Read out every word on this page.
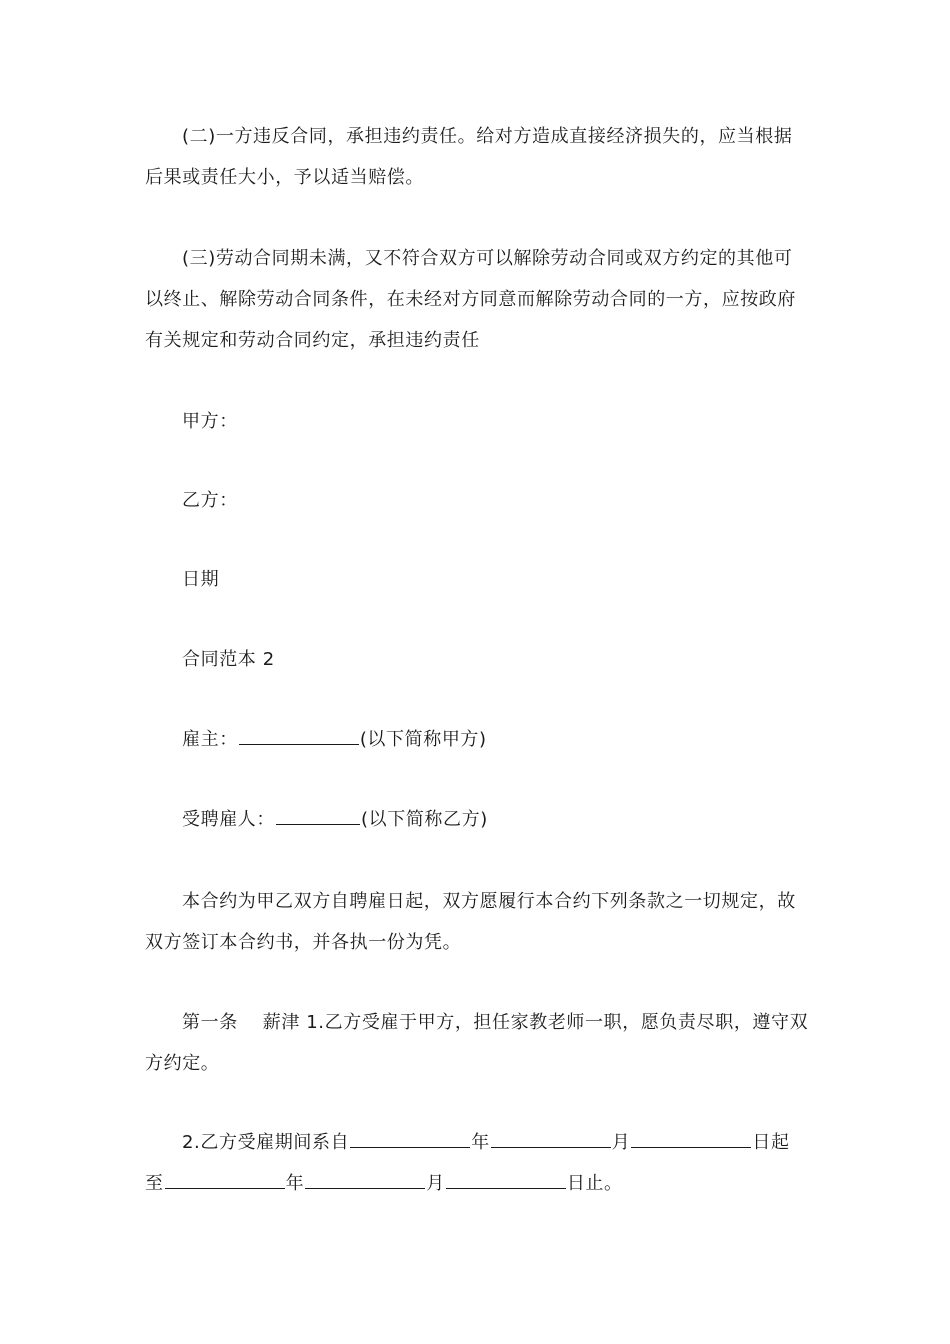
(二)一方违反合同，承担违约责任。给对方造成直接经济损失的，应当根据后果或责任大小，予以适当赔偿。
(三)劳动合同期未满，又不符合双方可以解除劳动合同或双方约定的其他可以终止、解除劳动合同条件，在未经对方同意而解除劳动合同的一方，应按政府有关规定和劳动合同约定，承担违约责任
甲方：
乙方：
日期
合同范本 2
雇主：	(以下简称甲方)
受聘雇人：	(以下简称乙方)
本合约为甲乙双方自聘雇日起，双方愿履行本合约下列条款之一切规定，故双方签订本合约书，并各执一份为凭。
第一条　 薪津 1.乙方受雇于甲方，担任家教老师一职，愿负责尽职，遵守双方约定。
2.乙方受雇期间系自	年	月	日起
至	年	月	日止。
